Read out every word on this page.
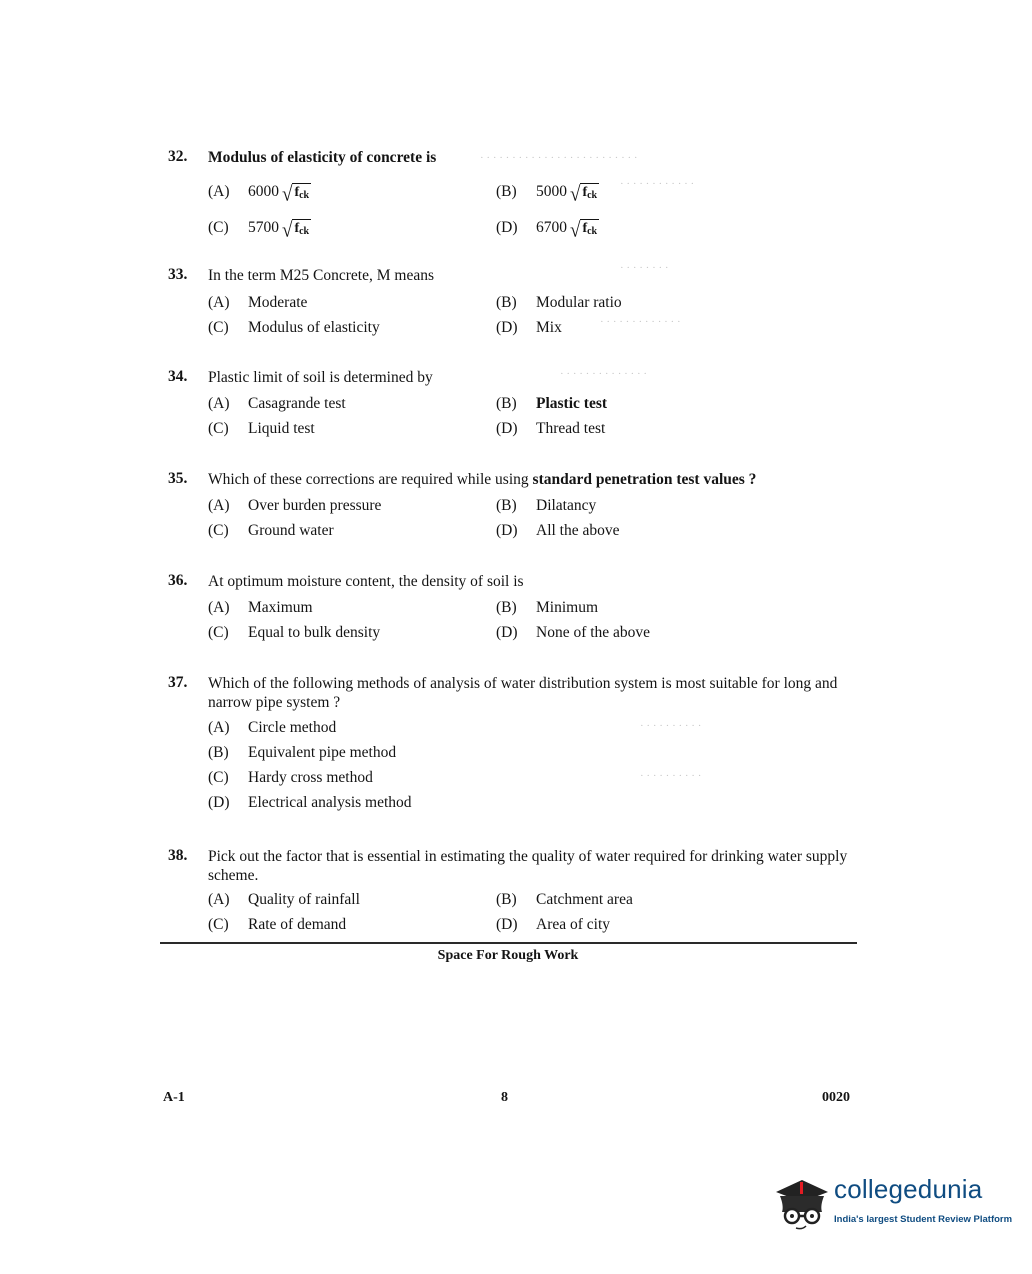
· · · · · · · · · · · · · · · · · · · · · · · · ·
· · · · · · · · · · · ·
· · · · · · · ·
· · · · · · · · · · · · ·
· · · · · · · · · · · · · ·
· · · · · · · · · ·
· · · · · · · · · ·
32.	Modulus of elasticity of concrete is
(A)	6000 √ $f_{ck}$	(B)	5000 √ $f_{ck}$
(C)	5700 √ $f_{ck}$	(D)	6700 √ $f_{ck}$
33.	In the term M25 Concrete, M means
(A)	Moderate	(B)	Modular ratio
(C)	Modulus of elasticity	(D)	Mix
34.	Plastic limit of soil is determined by
(A)	Casagrande test	(B)	Plastic test
(C)	Liquid test	(D)	Thread test
35.	Which of these corrections are required while using standard penetration test values ?
(A)	Over burden pressure	(B)	Dilatancy
(C)	Ground water	(D)	All the above
36.	At optimum moisture content, the density of soil is
(A)	Maximum	(B)	Minimum
(C)	Equal to bulk density	(D)	None of the above
37.	Which of the following methods of analysis of water distribution system is most suitable for long and narrow pipe system ?
(A)	Circle method
(B)	Equivalent pipe method
(C)	Hardy cross method
(D)	Electrical analysis method
38.	Pick out the factor that is essential in estimating the quality of water required for drinking water supply scheme.
(A)	Quality of rainfall	(B)	Catchment area
(C)	Rate of demand	(D)	Area of city
Space For Rough Work
A-1	8	0020
collegedunia
India's largest Student Review Platform
